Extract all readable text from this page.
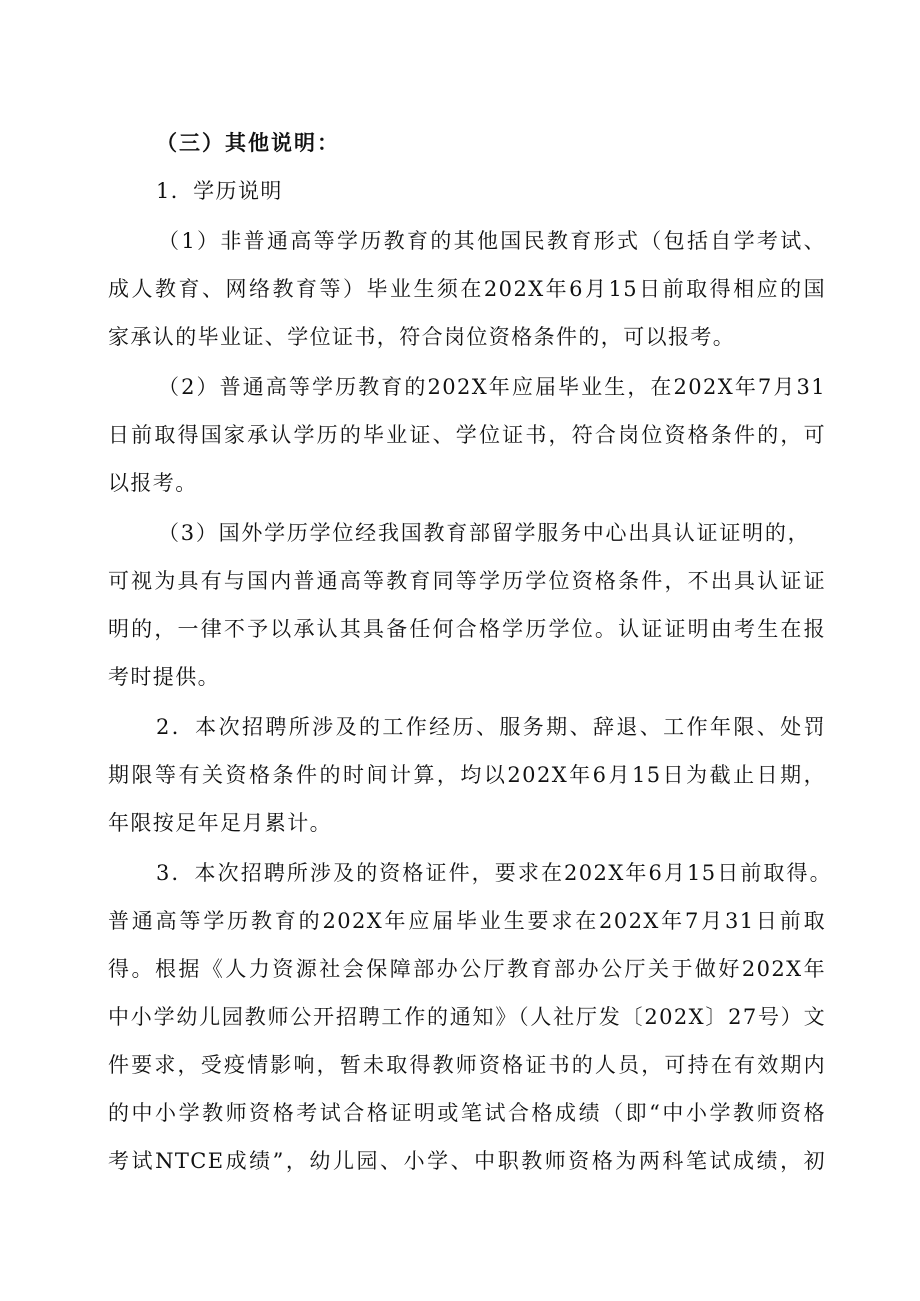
（三）其他说明：
1．学历说明
（1）非普通高等学历教育的其他国民教育形式（包括自学考试、
成人教育、网络教育等）毕业生须在202X年6月15日前取得相应的国
家承认的毕业证、学位证书，符合岗位资格条件的，可以报考。
（2）普通高等学历教育的202X年应届毕业生，在202X年7月31
日前取得国家承认学历的毕业证、学位证书，符合岗位资格条件的，可
以报考。
（3）国外学历学位经我国教育部留学服务中心出具认证证明的，
可视为具有与国内普通高等教育同等学历学位资格条件，不出具认证证
明的，一律不予以承认其具备任何合格学历学位。认证证明由考生在报
考时提供。
2．本次招聘所涉及的工作经历、服务期、辞退、工作年限、处罚
期限等有关资格条件的时间计算，均以202X年6月15日为截止日期，
年限按足年足月累计。
3．本次招聘所涉及的资格证件，要求在202X年6月15日前取得。
普通高等学历教育的202X年应届毕业生要求在202X年7月31日前取
得。根据《人力资源社会保障部办公厅教育部办公厅关于做好202X年
中小学幼儿园教师公开招聘工作的通知》（人社厅发〔202X〕27号）文
件要求，受疫情影响，暂未取得教师资格证书的人员，可持在有效期内
的中小学教师资格考试合格证明或笔试合格成绩（即“中小学教师资格
考试NTCE成绩”，幼儿园、小学、中职教师资格为两科笔试成绩，初
